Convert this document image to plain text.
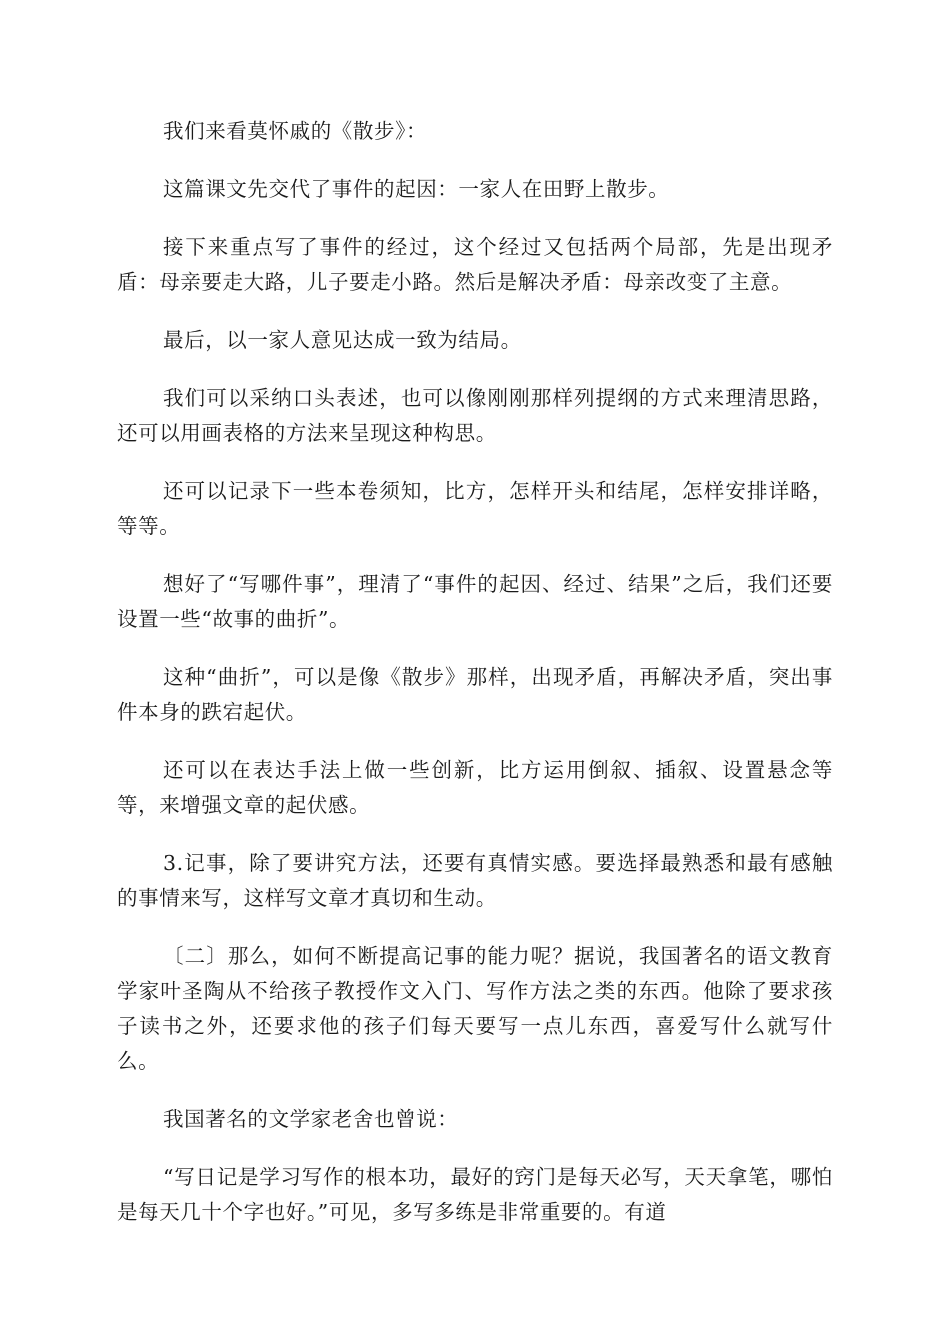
我们来看莫怀戚的《散步》：

这篇课文先交代了事件的起因：一家人在田野上散步。

接下来重点写了事件的经过，这个经过又包括两个局部，先是出现矛盾：母亲要走大路，儿子要走小路。然后是解决矛盾：母亲改变了主意。

最后，以一家人意见达成一致为结局。

我们可以采纳口头表述，也可以像刚刚那样列提纲的方式来理清思路，还可以用画表格的方法来呈现这种构思。

还可以记录下一些本卷须知，比方，怎样开头和结尾，怎样安排详略，等等。

想好了“写哪件事”，理清了“事件的起因、经过、结果”之后，我们还要设置一些“故事的曲折”。

这种“曲折”，可以是像《散步》那样，出现矛盾，再解决矛盾，突出事件本身的跌宕起伏。

还可以在表达手法上做一些创新，比方运用倒叙、插叙、设置悬念等等，来增强文章的起伏感。

3.记事，除了要讲究方法，还要有真情实感。要选择最熟悉和最有感触的事情来写，这样写文章才真切和生动。

〔二〕那么，如何不断提高记事的能力呢？据说，我国著名的语文教育学家叶圣陶从不给孩子教授作文入门、写作方法之类的东西。他除了要求孩子读书之外，还要求他的孩子们每天要写一点儿东西，喜爱写什么就写什么。

我国著名的文学家老舍也曾说：

“写日记是学习写作的根本功，最好的窍门是每天必写，天天拿笔，哪怕是每天几十个字也好。”可见，多写多练是非常重要的。有道
